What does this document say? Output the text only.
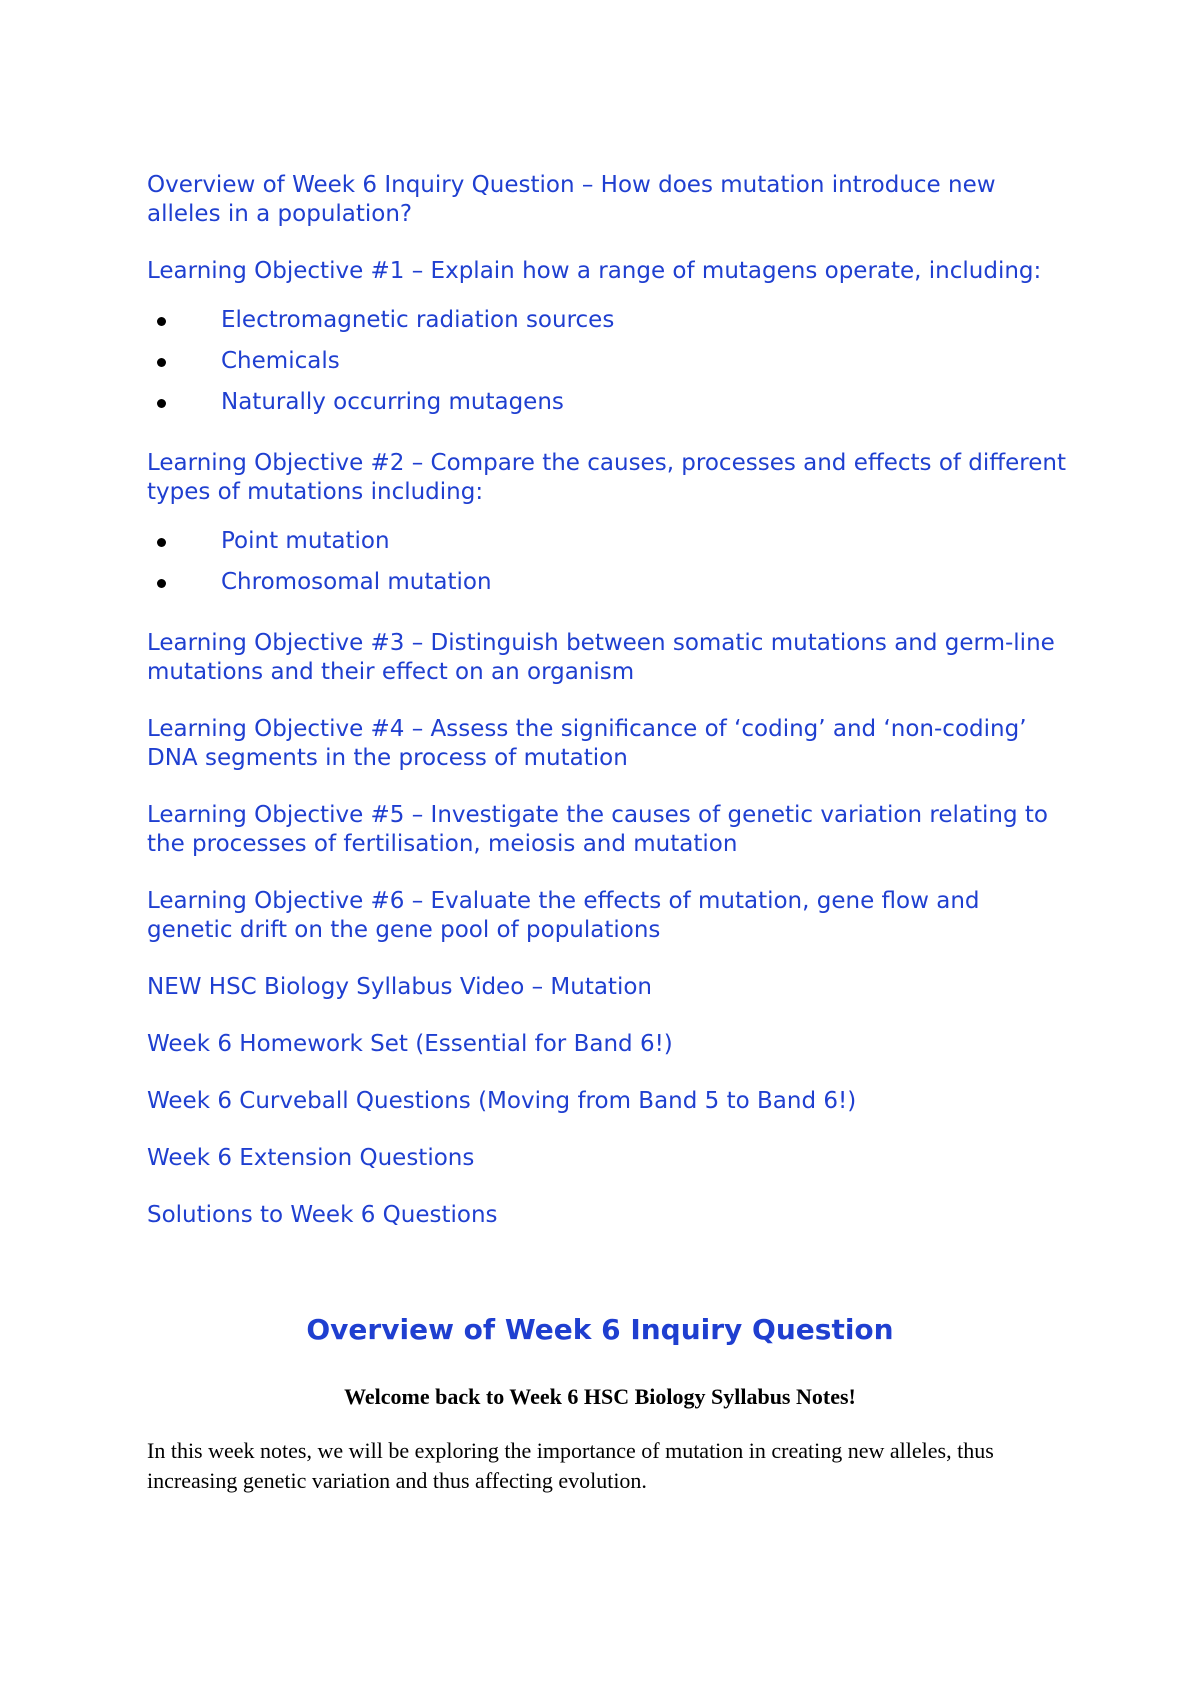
Overview of Week 6 Inquiry Question – How does mutation introduce new alleles in a population?
Learning Objective #1 – Explain how a range of mutagens operate, including:
Electromagnetic radiation sources
Chemicals
Naturally occurring mutagens
Learning Objective #2 – Compare the causes, processes and effects of different types of mutations including:
Point mutation
Chromosomal mutation
Learning Objective #3 – Distinguish between somatic mutations and germ-line mutations and their effect on an organism
Learning Objective #4 – Assess the significance of ‘coding’ and ‘non-coding’ DNA segments in the process of mutation
Learning Objective #5 – Investigate the causes of genetic variation relating to the processes of fertilisation, meiosis and mutation
Learning Objective #6 – Evaluate the effects of mutation, gene flow and genetic drift on the gene pool of populations
NEW HSC Biology Syllabus Video – Mutation
Week 6 Homework Set (Essential for Band 6!)
Week 6 Curveball Questions (Moving from Band 5 to Band 6!)
Week 6 Extension Questions
Solutions to Week 6 Questions
Overview of Week 6 Inquiry Question
Welcome back to Week 6 HSC Biology Syllabus Notes!

In this week notes, we will be exploring the importance of mutation in creating new alleles, thus increasing genetic variation and thus affecting evolution.
